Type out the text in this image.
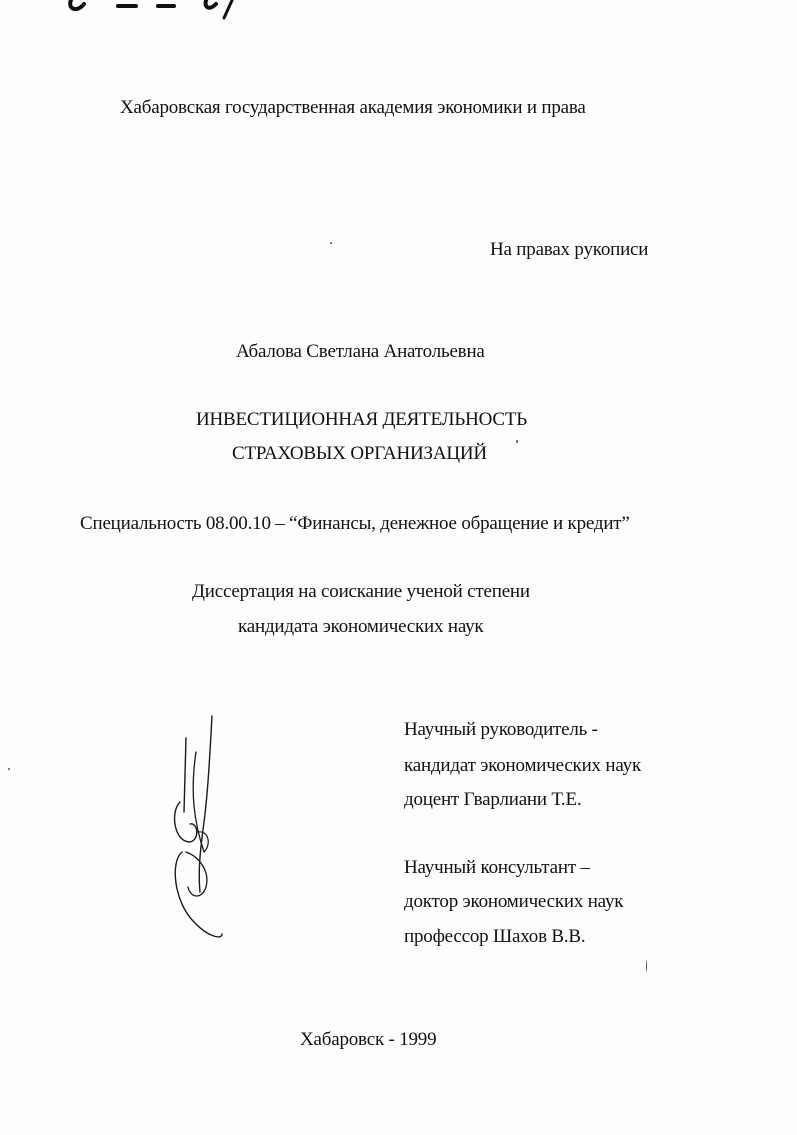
Хабаровская государственная академия экономики и права
На правах рукописи
Абалова Светлана Анатольевна
ИНВЕСТИЦИОННАЯ ДЕЯТЕЛЬНОСТЬ
СТРАХОВЫХ ОРГАНИЗАЦИЙ
Специальность 08.00.10 – “Финансы, денежное обращение и кредит”
Диссертация на соискание ученой степени
кандидата экономических наук
Научный руководитель -
кандидат экономических наук
доцент Гварлиани Т.Е.
Научный консультант –
доктор экономических наук
профессор Шахов В.В.
Хабаровск - 1999
